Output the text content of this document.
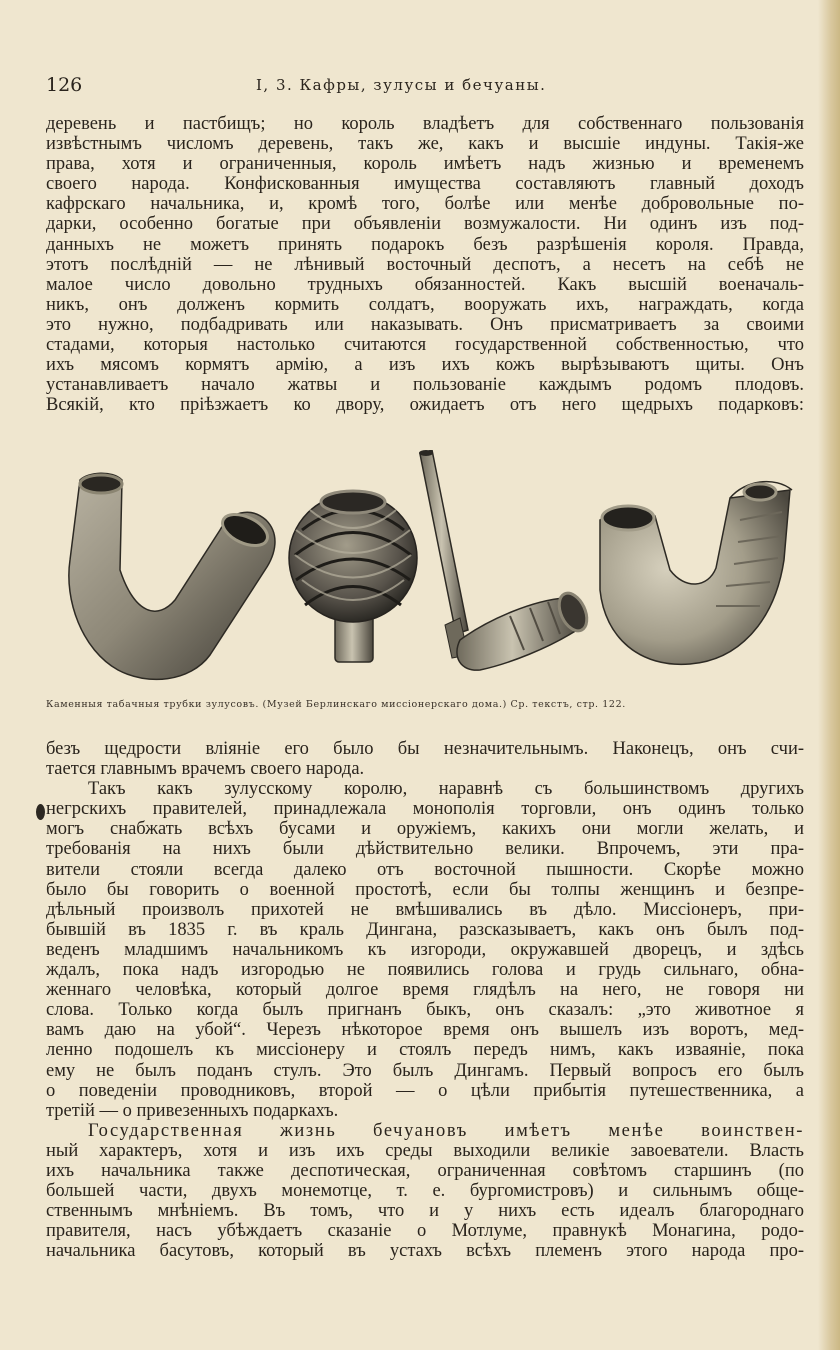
126	I, 3. Кафры, зулусы и бечуаны.
деревень и пастбищъ; но король владѣетъ для собственнаго пользованія
извѣстнымъ числомъ деревень, такъ же, какъ и высшіе индуны. Такія-же
права, хотя и ограниченныя, король имѣетъ надъ жизнью и временемъ
своего народа. Конфискованныя имущества составляютъ главный доходъ
кафрскаго начальника, и, кромѣ того, болѣе или менѣе добровольные по-
дарки, особенно богатые при объявленіи возмужалости. Ни одинъ изъ под-
данныхъ не можетъ принять подарокъ безъ разрѣшенія короля. Правда,
этотъ послѣдній — не лѣнивый восточный деспотъ, а несетъ на себѣ не
малое число довольно трудныхъ обязанностей. Какъ высшій военачаль-
никъ, онъ долженъ кормить солдатъ, вооружать ихъ, награждать, когда
это нужно, подбадривать или наказывать. Онъ присматриваетъ за своими
стадами, которыя настолько считаются государственной собственностью, что
ихъ мясомъ кормятъ армію, а изъ ихъ кожъ вырѣзываютъ щиты. Онъ
устанавливаетъ начало жатвы и пользованіе каждымъ родомъ плодовъ.
Всякій, кто пріѣзжаетъ ко двору, ожидаетъ отъ него щедрыхъ подарковъ:
Каменныя табачныя трубки зулусовъ. (Музей Берлинскаго миссіонерскаго дома.) Ср. текстъ, стр. 122.
безъ щедрости вліяніе его было бы незначительнымъ. Наконецъ, онъ счи-
тается главнымъ врачемъ своего народа.
Такъ какъ зулусскому королю, наравнѣ съ большинствомъ другихъ
негрскихъ правителей, принадлежала монополія торговли, онъ одинъ только
могъ снабжать всѣхъ бусами и оружіемъ, какихъ они могли желать, и
требованія на нихъ были дѣйствительно велики. Впрочемъ, эти пра-
вители стояли всегда далеко отъ восточной пышности. Скорѣе можно
было бы говорить о военной простотѣ, если бы толпы женщинъ и безпре-
дѣльный произволъ прихотей не вмѣшивались въ дѣло. Миссіонеръ, при-
бывшій въ 1835 г. въ краль Дингана, разсказываетъ, какъ онъ былъ под-
веденъ младшимъ начальникомъ къ изгороди, окружавшей дворецъ, и здѣсь
ждалъ, пока надъ изгородью не появились голова и грудь сильнаго, обна-
женнаго человѣка, который долгое время глядѣлъ на него, не говоря ни
слова. Только когда былъ пригнанъ быкъ, онъ сказалъ: „это животное я
вамъ даю на убой“. Черезъ нѣкоторое время онъ вышелъ изъ воротъ, мед-
ленно подошелъ къ миссіонеру и стоялъ передъ нимъ, какъ изваяніе, пока
ему не былъ поданъ стулъ. Это былъ Дингамъ. Первый вопросъ его былъ
о поведеніи проводниковъ, второй — о цѣли прибытія путешественника, а
третій — о привезенныхъ подаркахъ.
Государственная жизнь бечуановъ имѣетъ менѣе воинствен-
ный характеръ, хотя и изъ ихъ среды выходили великіе завоеватели. Власть
ихъ начальника также деспотическая, ограниченная совѣтомъ старшинъ (по
большей части, двухъ монемотце, т. е. бургомистровъ) и сильнымъ обще-
ственнымъ мнѣніемъ. Въ томъ, что и у нихъ есть идеалъ благороднаго
правителя, насъ убѣждаетъ сказаніе о Мотлуме, правнукѣ Монагина, родо-
начальника басутовъ, который въ устахъ всѣхъ племенъ этого народа про-
